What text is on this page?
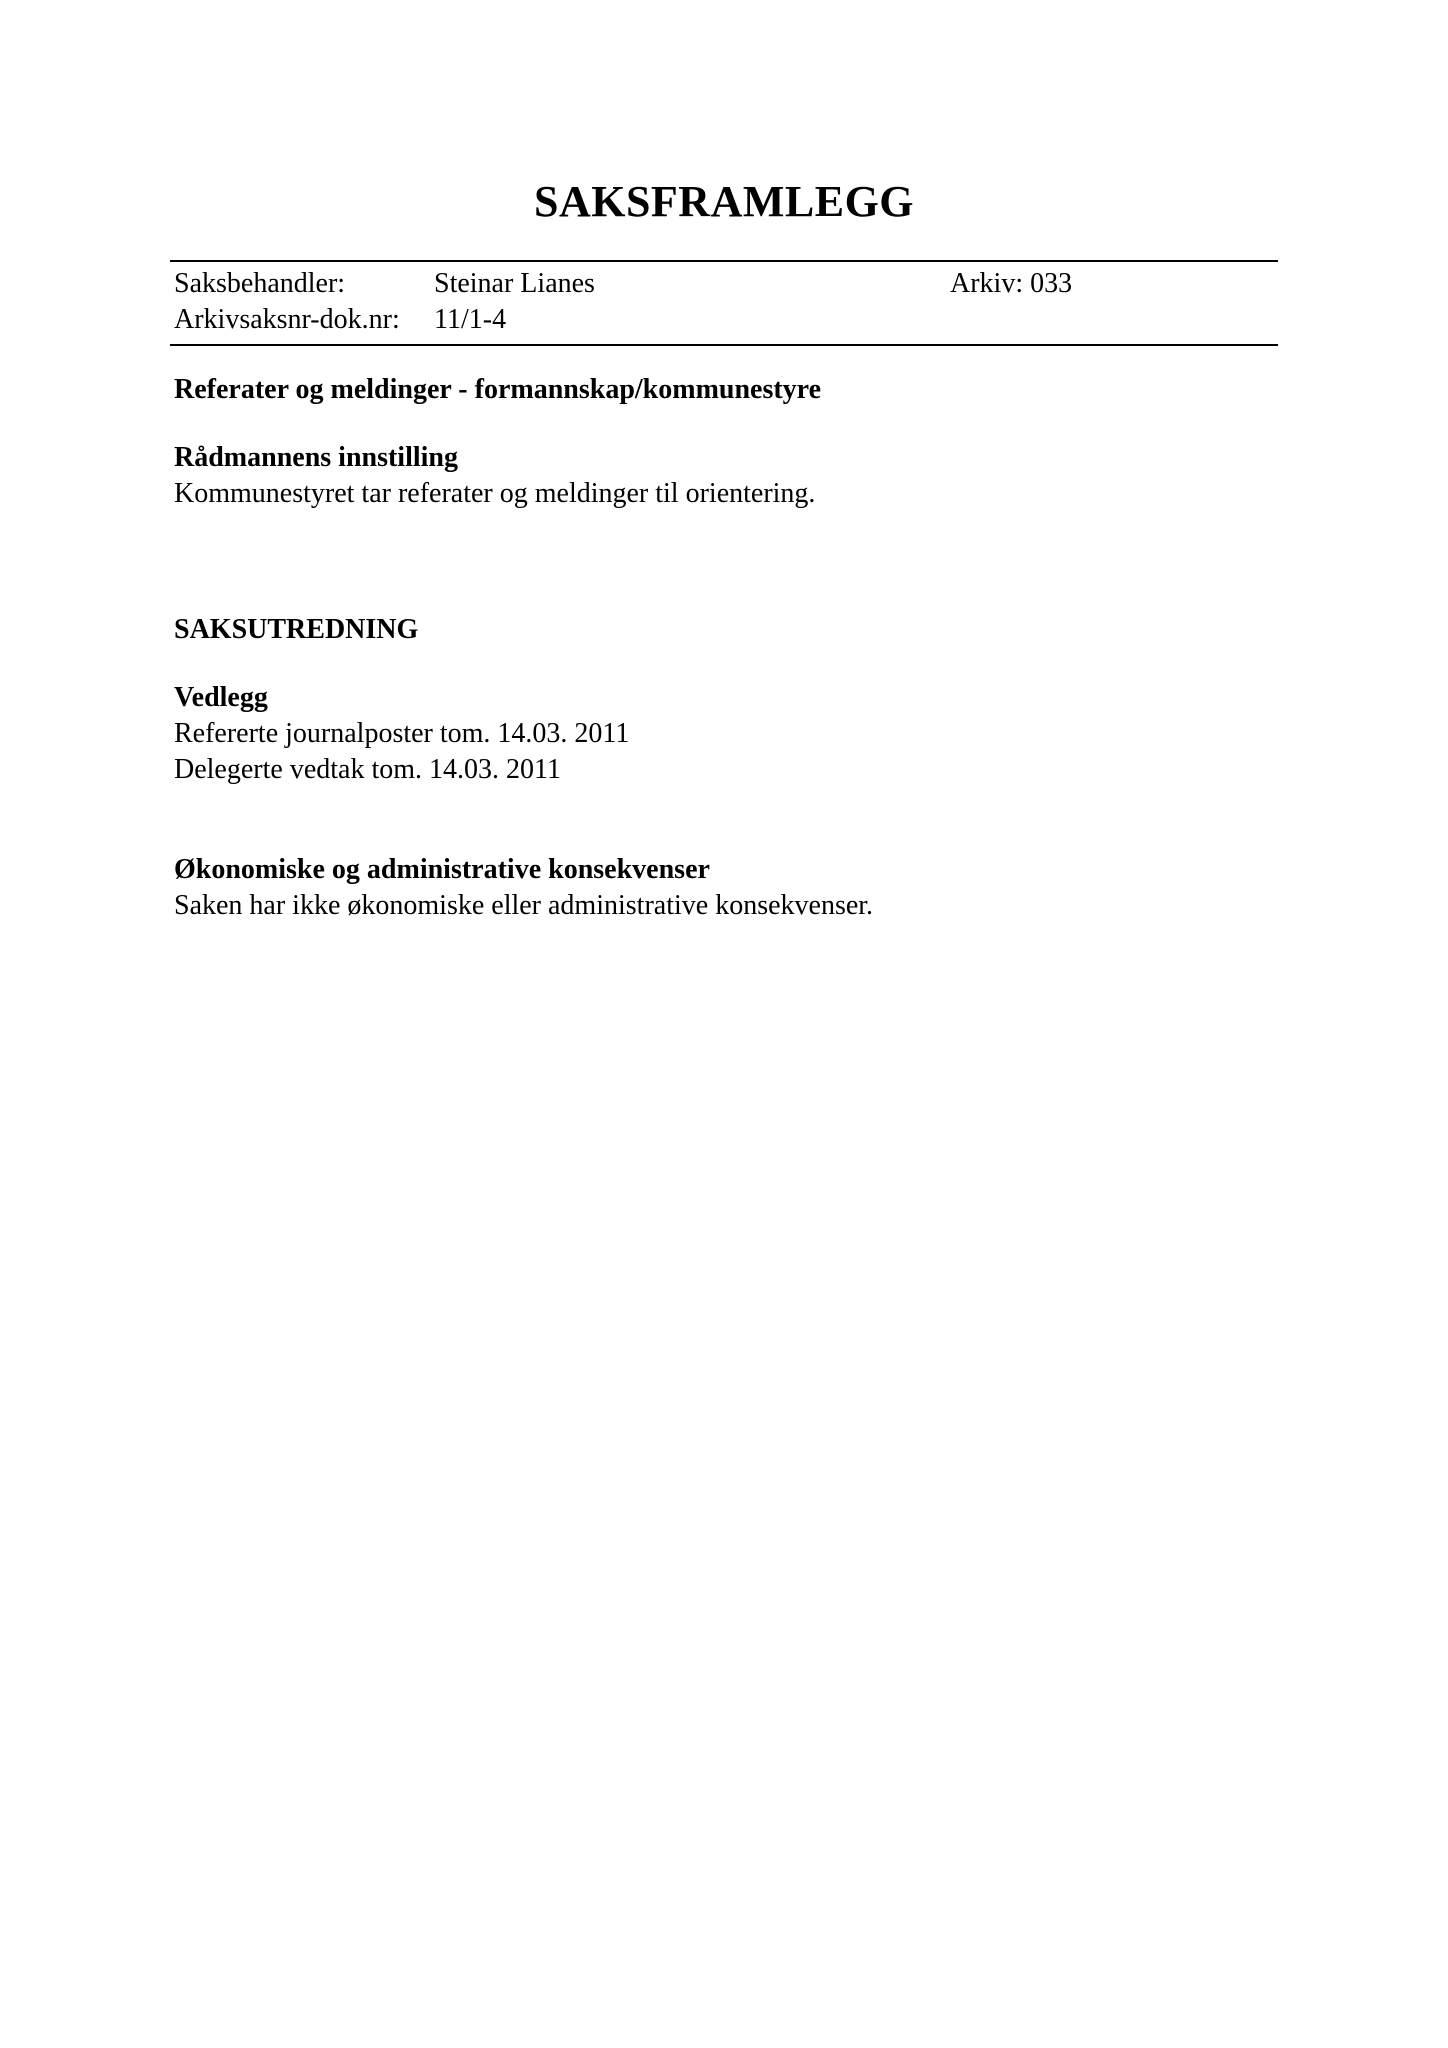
SAKSFRAMLEGG
Saksbehandler:	Steinar Lianes	Arkiv: 033
Arkivsaksnr-dok.nr: 11/1-4
Referater og meldinger - formannskap/kommunestyre
Rådmannens innstilling
Kommunestyret tar referater og meldinger til orientering.
SAKSUTREDNING
Vedlegg
Refererte journalposter tom. 14.03. 2011
Delegerte vedtak tom. 14.03. 2011
Økonomiske og administrative konsekvenser
Saken har ikke økonomiske eller administrative konsekvenser.
